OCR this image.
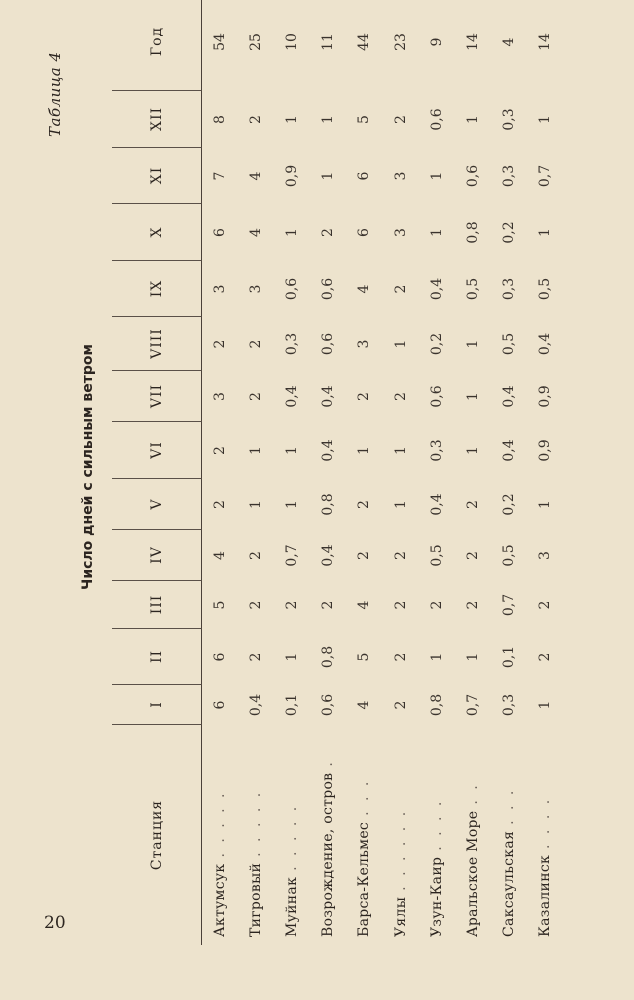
20
Таблица 4
Число дней с сильным ветром
Станция
I
II
III
IV
V
VI
VII
VIII
IX
X
XI
XII
Год
Актумсук
. . . . .
6
6
5
4
2
2
3
2
3
6
7
8
54
Тигровый
. . . . .
0,4
2
2
2
1
1
2
2
3
4
4
2
25
Муйнак
. . . . .
0,1
1
2
0,7
1
1
0,4
0,3
0,6
1
0,9
1
10
Возрождение, остров
.
0,6
0,8
2
0,4
0,8
0,4
0,4
0,6
0,6
2
1
1
11
Барса-Кельмес
. . .
4
5
4
2
2
1
2
3
4
6
6
5
44
Уялы
. . . . . .
2
2
2
2
1
1
2
1
2
3
3
2
23
Узун-Каир
. . . .
0,8
1
2
0,5
0,4
0,3
0,6
0,2
0,4
1
1
0,6
9
Аральское Море
. .
0,7
1
2
2
2
1
1
1
0,5
0,8
0,6
1
14
Саксаульская
. . .
0,3
0,1
0,7
0,5
0,2
0,4
0,4
0,5
0,3
0,2
0,3
0,3
4
Казалинск
. . . .
1
2
2
3
1
0,9
0,9
0,4
0,5
1
0,7
1
14
